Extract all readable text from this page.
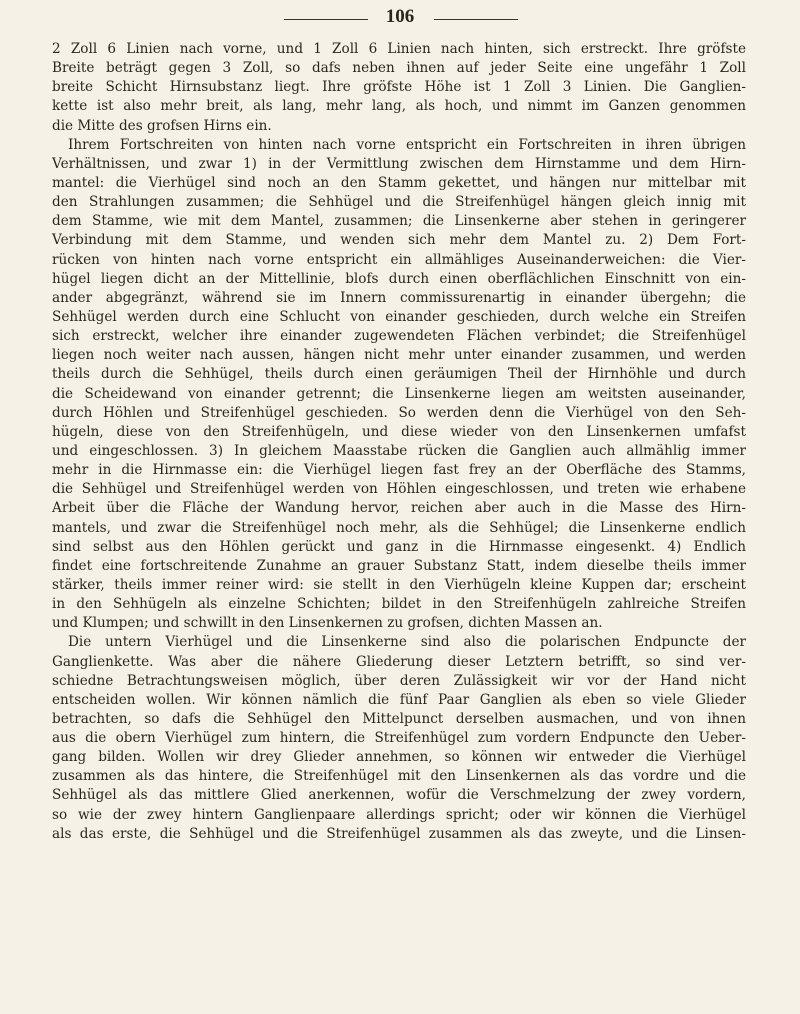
106
2 Zoll 6 Linien nach vorne, und 1 Zoll 6 Linien nach hinten, sich erstreckt. Ihre gröfste
Breite beträgt gegen 3 Zoll, so dafs neben ihnen auf jeder Seite eine ungefähr 1 Zoll
breite Schicht Hirnsubstanz liegt. Ihre gröfste Höhe ist 1 Zoll 3 Linien. Die Ganglien-
kette ist also mehr breit, als lang, mehr lang, als hoch, und nimmt im Ganzen genommen
die Mitte des grofsen Hirns ein.
Ihrem Fortschreiten von hinten nach vorne entspricht ein Fortschreiten in ihren übrigen
Verhältnissen, und zwar 1) in der Vermittlung zwischen dem Hirnstamme und dem Hirn-
mantel: die Vierhügel sind noch an den Stamm gekettet, und hängen nur mittelbar mit
den Strahlungen zusammen; die Sehhügel und die Streifenhügel hängen gleich innig mit
dem Stamme, wie mit dem Mantel, zusammen; die Linsenkerne aber stehen in geringerer
Verbindung mit dem Stamme, und wenden sich mehr dem Mantel zu. 2) Dem Fort-
rücken von hinten nach vorne entspricht ein allmähliges Auseinanderweichen: die Vier-
hügel liegen dicht an der Mittellinie, blofs durch einen oberflächlichen Einschnitt von ein-
ander abgegränzt, während sie im Innern commissurenartig in einander übergehn; die
Sehhügel werden durch eine Schlucht von einander geschieden, durch welche ein Streifen
sich erstreckt, welcher ihre einander zugewendeten Flächen verbindet; die Streifenhügel
liegen noch weiter nach aussen, hängen nicht mehr unter einander zusammen, und werden
theils durch die Sehhügel, theils durch einen geräumigen Theil der Hirnhöhle und durch
die Scheidewand von einander getrennt; die Linsenkerne liegen am weitsten auseinander,
durch Höhlen und Streifenhügel geschieden. So werden denn die Vierhügel von den Seh-
hügeln, diese von den Streifenhügeln, und diese wieder von den Linsenkernen umfafst
und eingeschlossen. 3) In gleichem Maasstabe rücken die Ganglien auch allmählig immer
mehr in die Hirnmasse ein: die Vierhügel liegen fast frey an der Oberfläche des Stamms,
die Sehhügel und Streifenhügel werden von Höhlen eingeschlossen, und treten wie erhabene
Arbeit über die Fläche der Wandung hervor, reichen aber auch in die Masse des Hirn-
mantels, und zwar die Streifenhügel noch mehr, als die Sehhügel; die Linsenkerne endlich
sind selbst aus den Höhlen gerückt und ganz in die Hirnmasse eingesenkt. 4) Endlich
findet eine fortschreitende Zunahme an grauer Substanz Statt, indem dieselbe theils immer
stärker, theils immer reiner wird: sie stellt in den Vierhügeln kleine Kuppen dar; erscheint
in den Sehhügeln als einzelne Schichten; bildet in den Streifenhügeln zahlreiche Streifen
und Klumpen; und schwillt in den Linsenkernen zu grofsen, dichten Massen an.
Die untern Vierhügel und die Linsenkerne sind also die polarischen Endpuncte der
Ganglienkette. Was aber die nähere Gliederung dieser Letztern betrifft, so sind ver-
schiedne Betrachtungsweisen möglich, über deren Zulässigkeit wir vor der Hand nicht
entscheiden wollen. Wir können nämlich die fünf Paar Ganglien als eben so viele Glieder
betrachten, so dafs die Sehhügel den Mittelpunct derselben ausmachen, und von ihnen
aus die obern Vierhügel zum hintern, die Streifenhügel zum vordern Endpuncte den Ueber-
gang bilden. Wollen wir drey Glieder annehmen, so können wir entweder die Vierhügel
zusammen als das hintere, die Streifenhügel mit den Linsenkernen als das vordre und die
Sehhügel als das mittlere Glied anerkennen, wofür die Verschmelzung der zwey vordern,
so wie der zwey hintern Ganglienpaare allerdings spricht; oder wir können die Vierhügel
als das erste, die Sehhügel und die Streifenhügel zusammen als das zweyte, und die Linsen-
